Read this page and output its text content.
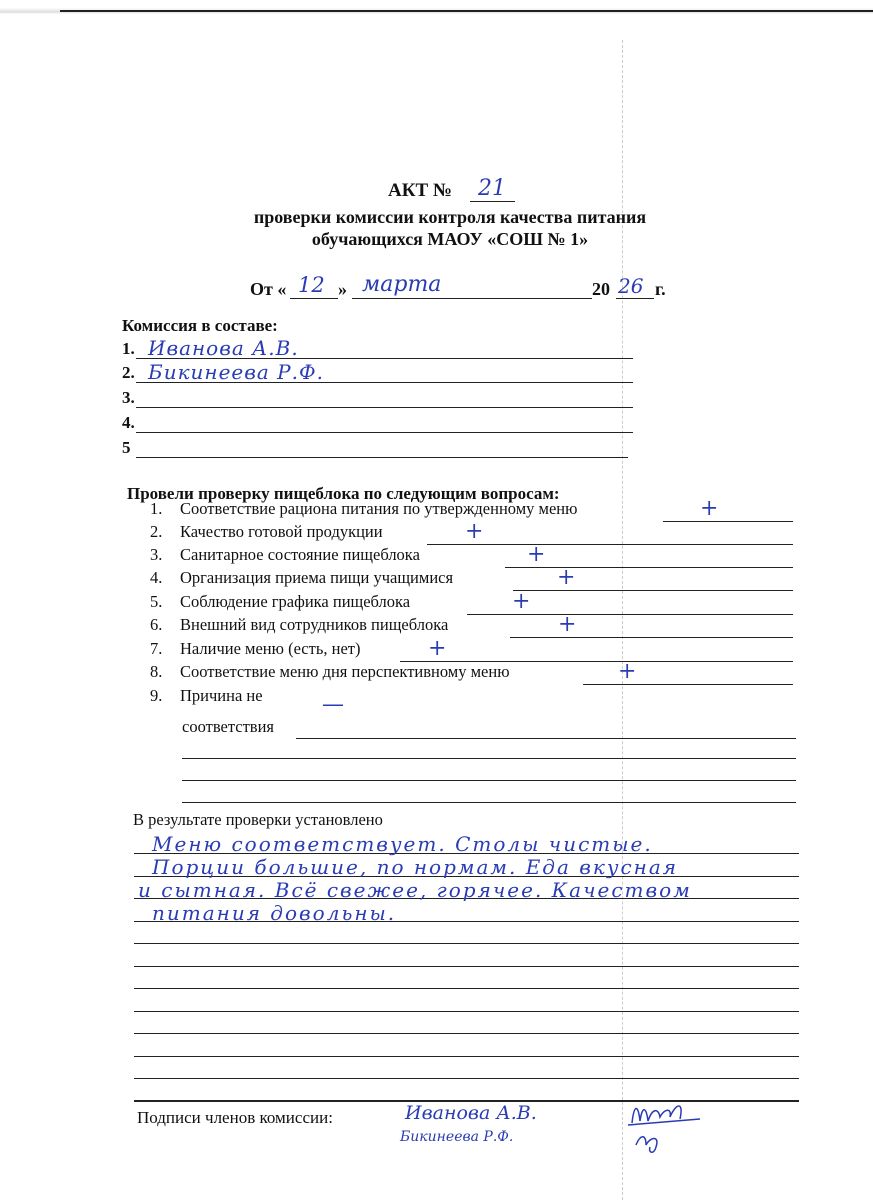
АКТ № 21
проверки комиссии контроля качества питания
обучающихся МАОУ «СОШ № 1»
От « 12 » марта	20 26 г.
Комиссия в составе:
1. Иванова А.В.
2. Бикинеева Р.Ф.
3.
4.
5
Провели проверку пищеблока по следующим вопросам:
1. Соответствие рациона питания по утвержденному меню	+
2. Качество готовой продукции	+
3. Санитарное состояние пищеблока	+
4. Организация приема пищи учащимися	+
5. Соблюдение графика пищеблока	+
6. Внешний вид сотрудников пищеблока	+
7. Наличие меню (есть, нет)	+
8. Соответствие меню дня перспективному меню	+
9. Причина не	—
соответствия
В результате проверки установлено
Меню соответствует. Столы чистые.
Порции большие, по нормам. Еда вкусная
и сытная. Всё свежее, горячее. Качеством
питания довольны.
Подписи членов комиссии:	Иванова А.В.
Бикинеева Р.Ф.
